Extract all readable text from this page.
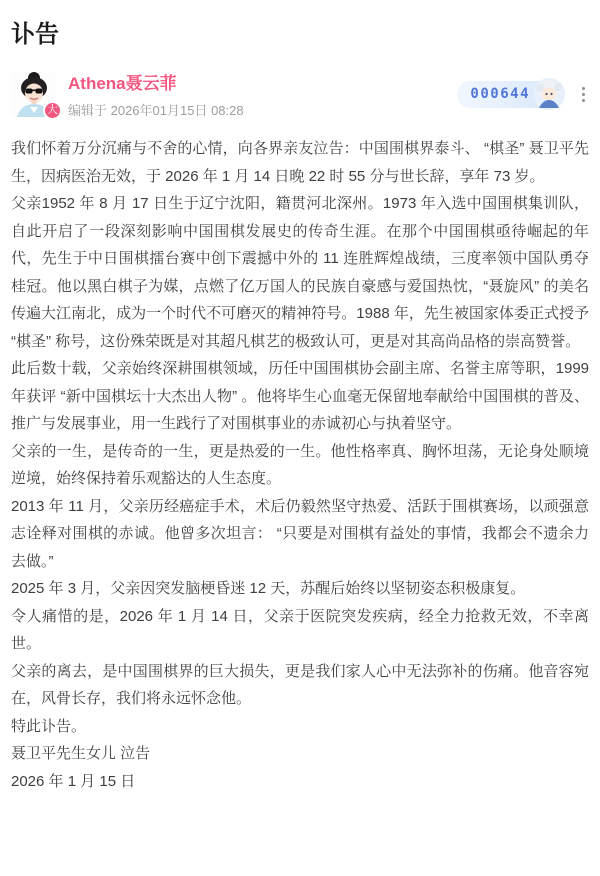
讣告
大
Athena聂云菲
编辑于 2026年01月15日 08:28
000644

我们怀着万分沉痛与不舍的心情，向各界亲友泣告：中国围棋界泰斗、 “棋圣” 聂卫平先生，因病医治无效，于 2026 年 1 月 14 日晚 22 时 55 分与世长辞，享年 73 岁。

父亲1952 年 8 月 17 日生于辽宁沈阳，籍贯河北深州。1973 年入选中国围棋集训队，自此开启了一段深刻影响中国围棋发展史的传奇生涯。在那个中国围棋亟待崛起的年代，先生于中日围棋擂台赛中创下震撼中外的 11 连胜辉煌战绩，三度率领中国队勇夺桂冠。他以黑白棋子为媒，点燃了亿万国人的民族自豪感与爱国热忱，“聂旋风” 的美名传遍大江南北，成为一个时代不可磨灭的精神符号。1988 年，先生被国家体委正式授予 “棋圣” 称号，这份殊荣既是对其超凡棋艺的极致认可，更是对其高尚品格的崇高赞誉。

此后数十载，父亲始终深耕围棋领域，历任中国围棋协会副主席、名誉主席等职，1999 年获评 “新中国棋坛十大杰出人物” 。他将毕生心血毫无保留地奉献给中国围棋的普及、推广与发展事业，用一生践行了对围棋事业的赤诚初心与执着坚守。

父亲的一生，是传奇的一生，更是热爱的一生。他性格率真、胸怀坦荡，无论身处顺境逆境，始终保持着乐观豁达的人生态度。

2013 年 11 月，父亲历经癌症手术，术后仍毅然坚守热爱、活跃于围棋赛场，以顽强意志诠释对围棋的赤诚。他曾多次坦言： “只要是对围棋有益处的事情，我都会不遗余力去做。”

2025 年 3 月，父亲因突发脑梗昏迷 12 天，苏醒后始终以坚韧姿态积极康复。

令人痛惜的是，2026 年 1 月 14 日，父亲于医院突发疾病，经全力抢救无效，不幸离世。

父亲的离去，是中国围棋界的巨大损失，更是我们家人心中无法弥补的伤痛。他音容宛在，风骨长存，我们将永远怀念他。

特此讣告。

聂卫平先生女儿 泣告

2026 年 1 月 15 日
